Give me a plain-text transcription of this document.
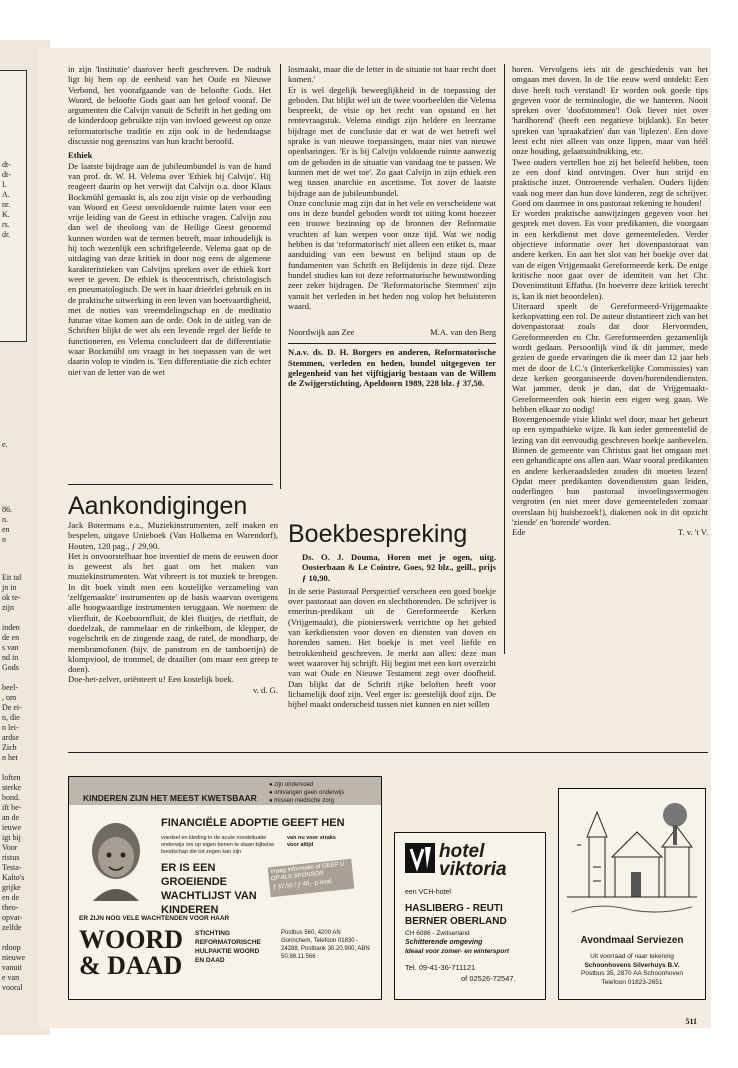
dt-
dt-
I.
A.
nr.
K.
rs.
dr.
e.
86.
n.
en
n
Eit tal
jn in
ok te-
zijn

inden
de en
s van
nd in
Gods

beel-
, om
De ei-
n, die
n lei-
ardse
Zich
n het

loften
sterke
bond.
ift be-
an de
ieuwe
igt bij
Voor
ristus
Testa-
Kalto's
grijke
en de
theo-
opvat-
zelfde

rdoop
nieuwe
vanuit
e van
vooral

in zijn 'Institutie' daarover heeft geschreven. De nadruk ligt bij hem op de eenheid van het Oude en Nieuwe Verbond, het voorafgaande van de beloofte Gods. Het Woord, de beloofte Gods gaat aan het geloof vooraf. De argumenten die Calvijn vanuit de Schrift in het geding om de kinderdoop gebruikte zijn van invloed geweest op onze reformatorische traditie en zijn ook in de hedendaagse discussie nog geenszins van hun kracht beroofd.

Ethiek

De laatste bijdrage aan de jubileumbundel is van de hand van prof. dr. W. H. Velema over 'Ethiek bij Calvijn'. Hij reageert daarin op het verwijt dat Calvijn o.a. door Klaus Bockmühl gemaakt is, als zou zijn visie op de verhouding van Woord en Geest onvoldoende ruimte laten voor een vrije leiding van de Geest in ethische vragen. Calvijn zou dan wel de theoloog van de Heilige Geest genoemd kunnen worden wat de termen betreft, maar inhoudelijk is hij toch wezenlijk een schriftgeleerde. Velema gaat op de uitdaging van deze kritiek in door nog eens de algemene karakteristieken van Calvijns spreken over de ethiek kort weer te geven. De ethiek is theocentrisch, christologisch en pneumatologisch. De wet in haar drieërlei gebruik en in de praktische uitwerking in een leven van boetvaardigheid, met de noties van vreemdelingschap en de meditatio futurae vitae komen aan de orde. Ook in de uitleg van de Schriften blijkt de wet als een levende regel der liefde te functioneren, en Velema concludeert dat de differentiatie waar Bockmühl om vraagt in het toepassen van de wet daarin volop te vinden is. 'Een differentiatie die zich echter niet van de letter van de wet

losmaakt, maar die de letter in de situatie tot haar recht doet komen.'

Er is wel degelijk beweeglijkheid in de toepassing der geboden. Dat blijkt wel uit de twee voorbeelden die Velema bespreekt, de visie op het recht van opstand en het rentevraagstuk. Velema eindigt zijn heldere en leerzame bijdrage met de conclusie dat er wat de wet betreft wel sprake is van nieuwe toepassingen, maar niet van nieuwe openbaringen. 'Er is bij Calvijn voldoende ruimte aanwezig om de geboden in de situatie van vandaag toe te passen. We kunnen met de wet toe'. Zo gaat Calvijn in zijn ethiek een weg tussen anarchie en ascetisme. Tot zover de laatste bijdrage aan de jubileumbundel.

Onze conclusie mag zijn dat in het vele en verscheidene wat ons in deze bundel geboden wordt tot uiting komt hoezeer een trouwe bezinning op de bronnen der Reformatie vruchten af kan werpen voor onze tijd. Wat we nodig hebben is dat 'reformatorisch' niet alleen een etiket is, maar aanduiding van een bewust en belijnd staan op de fundamenten van Schrift en Belijdenis in deze tijd. Deze bundel studies kan tot deze reformatorische bewustwording zeer zeker bijdragen. De 'Reformatorische Stemmen' zijn vanuit het verleden in het heden nog volop het beluisteren waard.

Noordwijk aan Zee	M.A. van den Berg

N.a.v. ds. D. H. Borgers en anderen, Reformatorische Stemmen, verleden en heden, bundel uitgegeven ter gelegenheid van het vijftigjarig bestaan van de Willem de Zwijgerstichting, Apeldoorn 1989, 228 blz. ƒ 37,50.

horen. Vervolgens iets uit de geschiedenis van het omgaan met doven. In de 16e eeuw werd ontdekt: Een dove heeft toch verstand! Er worden ook goede tips gegeven voor de terminologie, die we hanteren. Nooit spreken over 'doofstommen'! Ook liever niet over 'hardhorend' (heeft een negatieve bijklank). En beter spreken van 'spraakafzien' dan van 'liplezen'. Een dove leest echt niet alleen van onze lippen, maar van héél onze houding, gelaatsuitdrukking, etc.

Twee ouders vertellen hoe zij het beleefd hebben, toen ze een doof kind ontvingen. Over hun strijd en praktische inzet. Ontroerende verhalen. Ouders lijden vaak nog meer dan hun dove kinderen, zegt de schrijver. Goed om daarmee in ons pastoraat rekening te houden!

Er worden praktische aanwijzingen gegeven voor het gesprek met doven. En voor predikanten, die voorgaan in een kerkdienst met dove gemeenteleden. Verder objectieve informatie over het dovenpastoraat van andere kerken. En aan het slot van het boekje over dat van de eigen Vrijgemaakt Gereformeerde kerk. De enige kritische noot gaat over de identiteit van het Chr. Doveninstituut Effatha. (In hoeverre deze kritiek terecht is, kan ik niet beoordelen).

Uiteraard speelt de Gereformeerd-Vrijgemaakte kerkopvatting een rol. De auteur distantieert zich van het dovenpastoraat zoals dat door Hervormden, Gereformeerden en Chr. Gereformeerden gezamenlijk wordt gedaan. Persoonlijk vind ik dit jammer, mede gezien de goede ervaringen die ik meer dan 12 jaar heb met de door de I.C.'s (Interkerkelijke Commissies) van deze kerken georganiseerde doven/horendendiensten. Wat jammer, denk je dan, dat de Vrijgemaakt-Gereformeerden ook hierin een eigen weg gaan. We hebben elkaar zo nodig!

Bovengenoemde visie klinkt wel door, maar het gebeurt op een sympathieke wijze. Ik kan ieder gemeentelid de lezing van dit eenvoudig geschreven boekje aanbevelen. Binnen de gemeente van Christus gaat het omgaan met een gehandicapte ons allen aan. Waar vooral predikanten en andere kerkeraadsleden zouden dit moeten lezen! Opdat meer predikanten dovendiensten gaan leiden, ouderlingen hun pastoraal invoelingsvermogen vergroten (en niet meer dove gemeenteleden zomaar overslaan bij huisbezoek!), diakenen ook in dit opzicht 'ziende' en 'horende' worden.

Ede	T. v. 't V.

Aankondigingen

Jack Botermans e.a., Muziekinstrumenten, zelf maken en bespelen, uitgave Unieboek (Van Holkema en Warendorf), Houten, 120 pag., ƒ 29,90.

Het is onvoorstelbaar hoe inventief de mens de eeuwen door is geweest als het gaat om het maken van muziekinstrumenten. Wat vibreert is tot muziek te brengen. In dit boek vindt men een kostelijke verzameling van 'zelfgemaakte' instrumenten op de basis waarvan overigens alle hoogwaardige instrumenten teruggaan. We noemen: de vlierfluit, de Koehoornfluit, de klei fluitjes, de rietfluit, de doedelzak, de rammelaar en de rinkelbom, de klepper, de vogelschrik en de zingende zaag, de ratel, de mondharp, de membramofonen (bijv. de panstrom en de tamboerijn) de klompviool, de trommel, de draailier (om maar een greep te doen).

Doe-het-zelver, oriënteert u! Een kostelijk boek.

v. d. G.

Boekbespreking

Ds. O. J. Douma, Horen met je ogen, uitg. Oosterbaan & Le Cointre, Goes, 92 blz., geill., prijs ƒ 10,90.

In de serie Pastoraal Perspectief verscheen een goed boekje over pastoraat aan doven en slechthorenden. De schrijver is emeritus-predikant uit de Gereformeerde Kerken (Vrijgemaakt), die pionierswerk verrichtte op het gebied van kerkdiensten voor doven en diensten van doven en horenden samen. Het boekje is met veel liefde en betrokkenheid geschreven. Je merkt aan alles: deze man weet waarover hij schrijft. Hij begint met een kort overzicht van wat Oude en Nieuwe Testament zegt over doofheid. Dan blijkt dat de Schrift rijke beloften heeft voor lichamelijk doof zijn. Veel erger is: geestelijk doof zijn. De bijbel maakt onderscheid tussen niet kunnen en niet willen

KINDEREN ZIJN HET MEEST KWETSBAAR
● zijn ondervoed
● ontvangen geen onderwijs
● missen medische zorg
FINANCIËLE ADOPTIE GEEFT HEN
voedsel en kleding in de acute noodsituatie onderwijs om op eigen benen te staan bijbelse boodschap die tot zegen kan zijn
van nu voor straks voor altijd
ER IS EEN GROEIENDE WACHTLIJST VAN KINDEREN
Vraag informatie of GEEF U OP ALS SPONSOR
ƒ 37,50 / ƒ 40,- p.mnd.
ER ZIJN NOG VELE WACHTENDEN VOOR HAAR
WOORD
& DAAD
STICHTING REFORMATORISCHE HULPAKTIE WOORD EN DAAD
Postbus 560, 4200 AN Gorinchem, Telefoon 01830 - 24288, Postbank 30.20.900, ABN 50.98.11.566
hotel viktoria
een VCH-hotel
HASLIBERG - REUTI
BERNER OBERLAND
CH 6086 - Zwitserland
Schitterende omgeving
Ideaal voor zomer- en wintersport
Tel. 09-41-36-711121
of 02526-72547.
Avondmaal Serviezen
Uit voorraad of naar tekening
Schoonhovens Silverhuys B.V.
Postbus 35, 2870 AA Schoonhoven
Telefoon 01823-2651
511
